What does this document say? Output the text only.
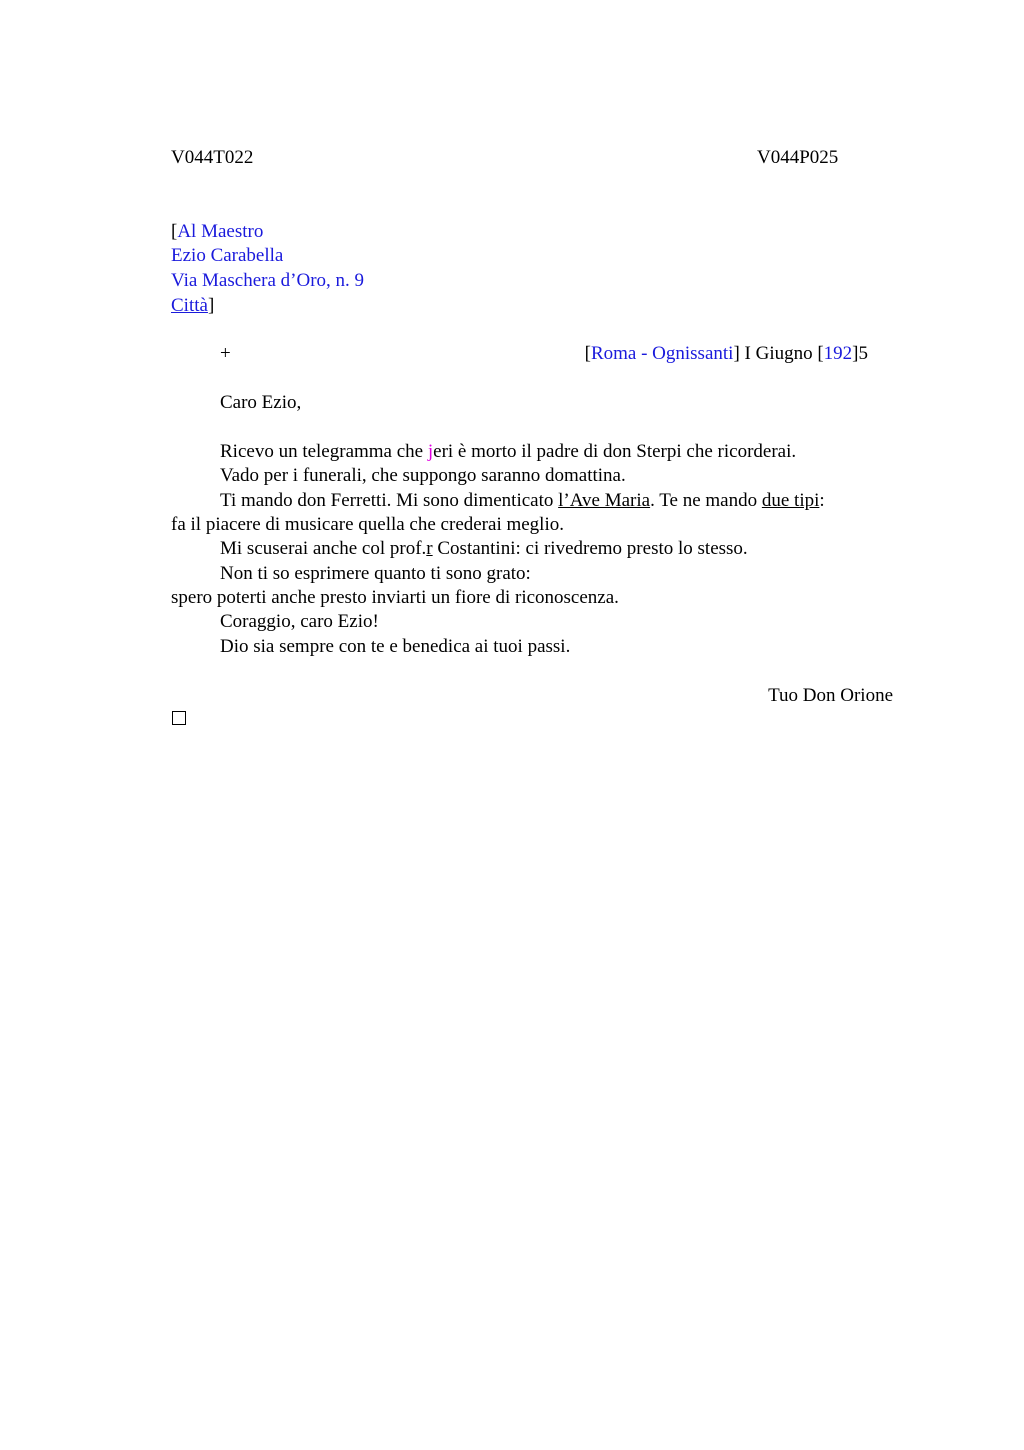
V044T022	V044P025
[Al Maestro
Ezio Carabella
Via Maschera d’Oro, n. 9
Città]
+	[Roma - Ognissanti] I Giugno [192]5
Caro Ezio,
Ricevo un telegramma che jeri è morto il padre di don Sterpi che ricorderai.
Vado per i funerali, che suppongo saranno domattina.
Ti mando don Ferretti. Mi sono dimenticato l’Ave Maria. Te ne mando due tipi:
fa il piacere di musicare quella che crederai meglio.
Mi scuserai anche col prof.r Costantini: ci rivedremo presto lo stesso.
Non ti so esprimere quanto ti sono grato:
spero poterti anche presto inviarti un fiore di riconoscenza.
Coraggio, caro Ezio!
Dio sia sempre con te e benedica ai tuoi passi.
Tuo Don Orione
